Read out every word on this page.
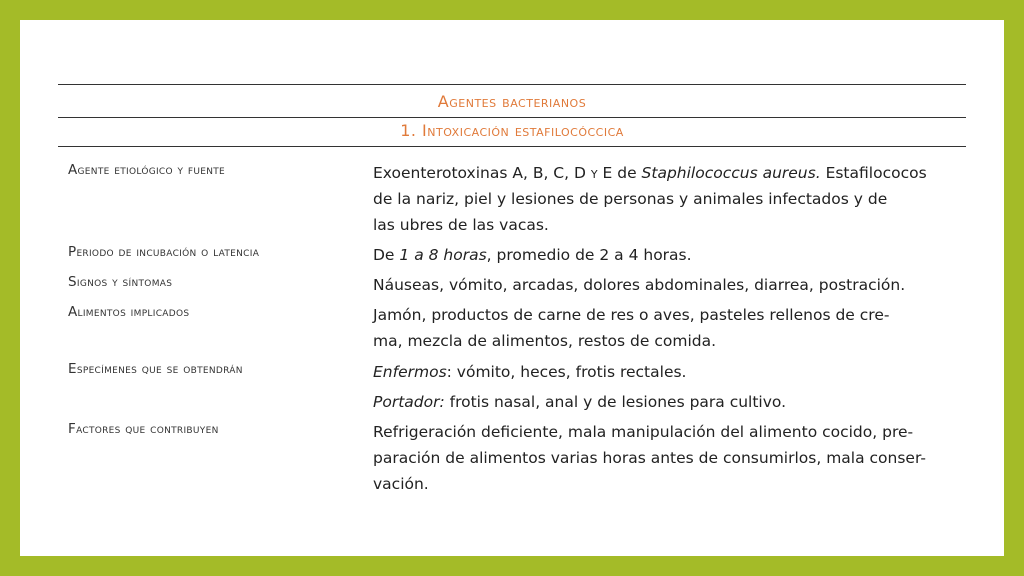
Agentes bacterianos
1. Intoxicación estafilocóccica
Agente etiológico y fuente	Exoenterotoxinas A, B, C, D y E de Staphilococcus aureus. Estafilococos
de la nariz, piel y lesiones de personas y animales infectados y de
las ubres de las vacas.
Periodo de incubación o latencia	De 1 a 8 horas, promedio de 2 a 4 horas.
Signos y síntomas	Náuseas, vómito, arcadas, dolores abdominales, diarrea, postración.
Alimentos implicados	Jamón, productos de carne de res o aves, pasteles rellenos de cre-
ma, mezcla de alimentos, restos de comida.
Especímenes que se obtendrán	Enfermos: vómito, heces, frotis rectales.
Portador: frotis nasal, anal y de lesiones para cultivo.
Factores que contribuyen	Refrigeración deficiente, mala manipulación del alimento cocido, pre-
paración de alimentos varias horas antes de consumirlos, mala conser-
vación.
